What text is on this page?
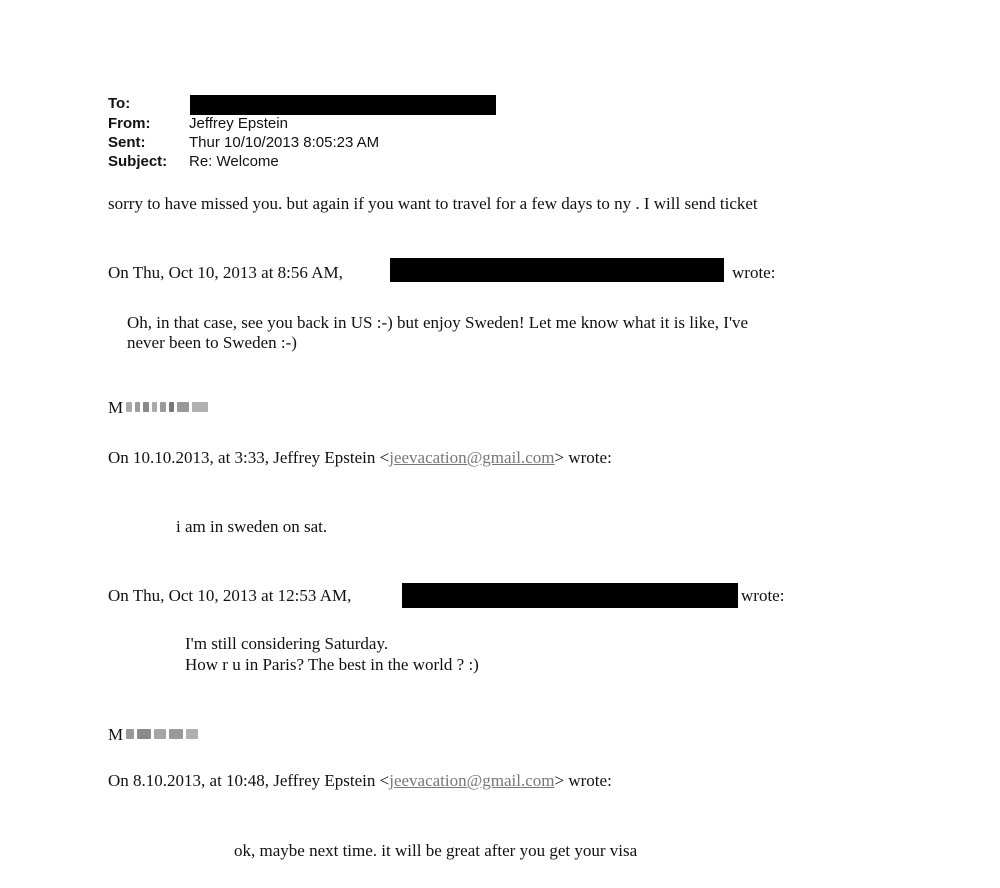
To:
From:	Jeffrey Epstein
Sent:	Thur 10/10/2013 8:05:23 AM
Subject: Re: Welcome
sorry to have missed you. but again if you want to travel for a few days to ny . I will send ticket
On Thu, Oct 10, 2013 at 8:56 AM,	wrote:
Oh, in that case, see you back in US :-) but enjoy Sweden! Let me know what it is like, I've
never been to Sweden :-)
M
On 10.10.2013, at 3:33, Jeffrey Epstein <jeevacation@gmail.com> wrote:
i am in sweden on sat.
On Thu, Oct 10, 2013 at 12:53 AM,	wrote:
I'm still considering Saturday.
How r u in Paris? The best in the world ? :)
M
On 8.10.2013, at 10:48, Jeffrey Epstein <jeevacation@gmail.com> wrote:
ok, maybe next time. it will be great after you get your visa
